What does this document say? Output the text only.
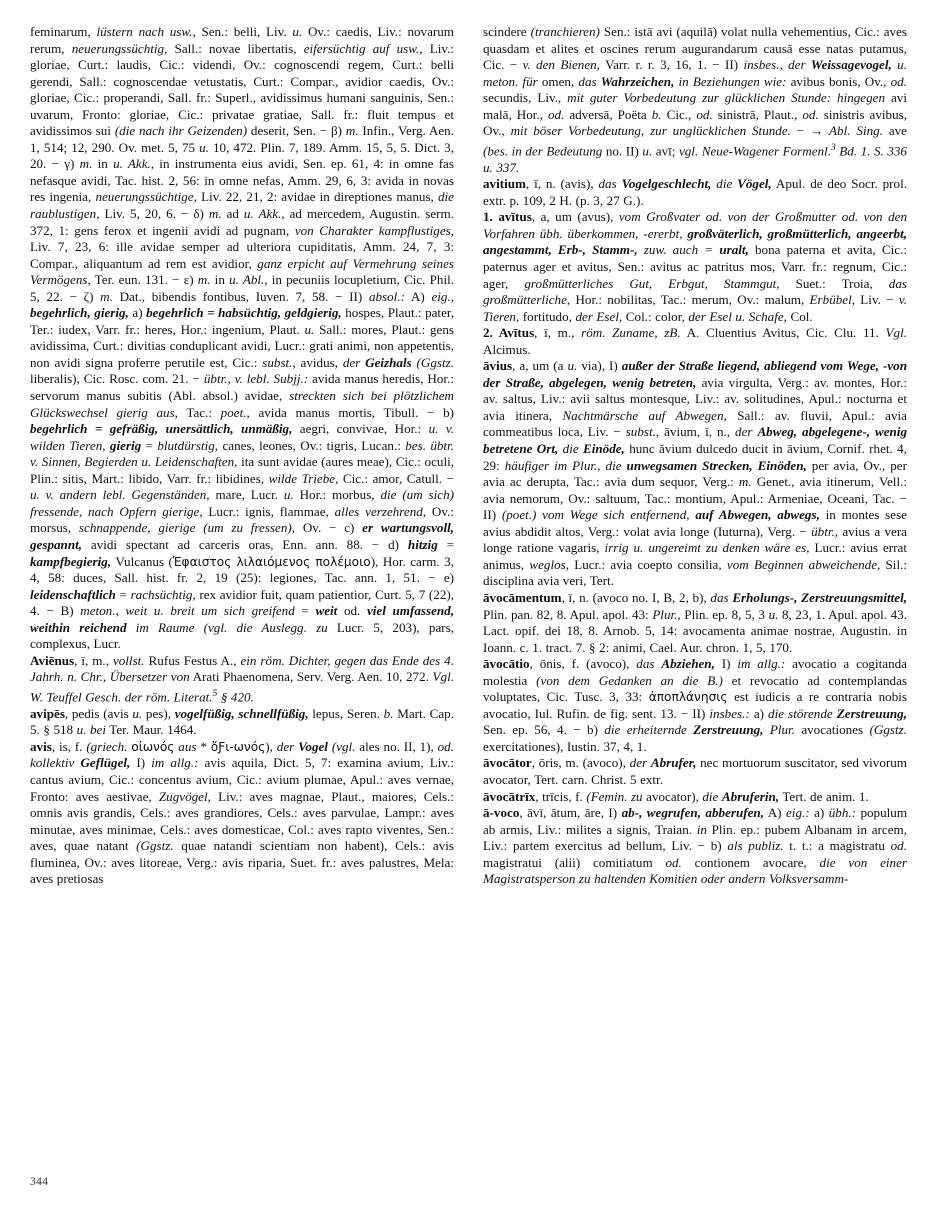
feminarum, lüstern nach usw., Sen.: belli, Liv. u. Ov.: caedis, Liv.: novarum rerum, neuerungssüchtig, Sall.: novae libertatis, eifersüchtig auf usw., Liv.: gloriae, Curt.: laudis, Cic.: videndi, Ov.: cognoscendi regem, Curt.: belli gerendi, Sall.: cognoscendae vetustatis, Curt.: Compar., avidior caedis, Ov.: gloriae, Cic.: properandi, Sall. fr.: Superl., avidissimus humani sanguinis, Sen.: uvarum, Fronto: gloriae, Cic.: privatae gratiae, Sall. fr.: fluit tempus et avidissimos sui (die nach ihr Geizenden) deserit, Sen. − β) m. Infin., Verg. Aen. 1, 514; 12, 290. Ov. met. 5, 75 u. 10, 472. Plin. 7, 189. Amm. 15, 5, 5. Dict. 3, 20. − γ) m. in u. Akk., in instrumenta eius avidi, Sen. ep. 61, 4: in omne fas nefasque avidi, Tac. hist. 2, 56: in omne nefas, Amm. 29, 6, 3: avida in novas res ingenia, neuerungssüchtige, Liv. 22, 21, 2: avidae in direptiones manus, die raublustigen, Liv. 5, 20, 6. − δ) m. ad u. Akk., ad mercedem, Augustin. serm. 372, 1: gens ferox et ingenii avidi ad pugnam, von Charakter kampflustiges, Liv. 7, 23, 6: ille avidae semper ad ulteriora cupiditatis, Amm. 24, 7, 3: Compar., aliquantum ad rem est avidior, ganz erpicht auf Vermehrung seines Vermögens, Ter. eun. 131. − ε) m. in u. Abl., in pecuniis locupletium, Cic. Phil. 5, 22. − ζ) m. Dat., bibendis fontibus, Iuven. 7, 58. − II) absol.: A) eig., begehrlich, gierig, a) begehrlich = habsüchtig, geldgierig, hospes, Plaut.: pater, Ter.: iudex, Varr. fr.: heres, Hor.: ingenium, Plaut. u. Sall.: mores, Plaut.: gens avidissima, Curt.: divitias conduplicant avidi, Lucr.: grati animi, non appetentis, non avidi signa proferre perutile est, Cic.: subst., avidus, der Geizhals (Ggstz. liberalis), Cic. Rosc. com. 21. − übtr., v. lebl. Subjj.: avida manus heredis, Hor.: servorum manus subitis (Abl. absol.) avidae, streckten sich bei plötzlichem Glückswechsel gierig aus, Tac.: poet., avida manus mortis, Tibull. − b) begehrlich = gefräßig, unersättlich, unmäßig, aegri, convivae, Hor.: u. v. wilden Tieren, gierig = blutdürstig, canes, leones, Ov.: tigris, Lucan.: bes. übtr. v. Sinnen, Begierden u. Leidenschaften, ita sunt avidae (aures meae), Cic.: oculi, Plin.: sitis, Mart.: libido, Varr. fr.: libidines, wilde Triebe, Cic.: amor, Catull. − u. v. andern lebl. Gegenständen, mare, Lucr. u. Hor.: morbus, die (um sich) fressende, nach Opfern gierige, Lucr.: ignis, flammae, alles verzehrend, Ov.: morsus, schnappende, gierige (um zu fressen), Ov. − c) er wartungsvoll, gespannt, avidi spectant ad carceris oras, Enn. ann. 88. − d) hitzig = kampfbegierig, Vulcanus (Ἑφαιστος λιλαιόμενος πολέμοιο), Hor. carm. 3, 4, 58: duces, Sall. hist. fr. 2, 19 (25): legiones, Tac. ann. 1, 51. − e) leidenschaftlich = rachsüchtig, rex avidior fuit, quam patientior, Curt. 5, 7 (22), 4. − B) meton., weit u. breit um sich greifend = weit od. viel umfassend, weithin reichend im Raume (vgl. die Auslegg. zu Lucr. 5, 203), pars, complexus, Lucr.

Aviēnus, ī, m., vollst. Rufus Festus A., ein röm. Dichter, gegen das Ende des 4. Jahrh. n. Chr., Übersetzer von Arati Phaenomena, Serv. Verg. Aen. 10, 272. Vgl. W. Teuffel Gesch. der röm. Literat.$^5$ § 420.

avipēs, pedis (avis u. pes), vogelfüßig, schnellfüßig, lepus, Seren. b. Mart. Cap. 5. § 518 u. bei Ter. Maur. 1464.

avis, is, f. (griech. οἰωνός aus * ὄƑι-ωνός), der Vogel (vgl. ales no. II, 1), od. kollektiv Geflügel, I) im allg.: avis aquila, Dict. 5, 7: examina avium, Liv.: cantus avium, Cic.: concentus avium, Cic.: avium plumae, Apul.: aves vernae, Fronto: aves aestivae, Zugvögel, Liv.: aves magnae, Plaut., maiores, Cels.: omnis avis grandis, Cels.: aves grandiores, Cels.: aves parvulae, Lampr.: aves minutae, aves minimae, Cels.: aves domesticae, Col.: aves rapto viventes, Sen.: aves, quae natant (Ggstz. quae natandi scientiam non habent), Cels.: avis fluminea, Ov.: aves litoreae, Verg.: avis riparia, Suet. fr.: aves palustres, Mela: aves pretiosas

scindere (tranchieren) Sen.: istā avi (aquilā) volat nulla vehementius, Cic.: aves quasdam et alites et oscines rerum augurandarum causā esse natas putamus, Cic. − v. den Bienen, Varr. r. r. 3, 16, 1. − II) insbes., der Weissagevogel, u. meton. für omen, das Wahrzeichen, in Beziehungen wie: avibus bonis, Ov., od. secundis, Liv., mit guter Vorbedeutung zur glücklichen Stunde: hingegen avi malā, Hor., od. adversā, Poëta b. Cic., od. sinistrā, Plaut., od. sinistris avibus, Ov., mit böser Vorbedeutung, zur unglücklichen Stunde. − → Abl. Sing. ave (bes. in der Bedeutung no. II) u. avī; vgl. Neue-Wagener Formenl.$^3$ Bd. 1. S. 336 u. 337.

avitium, ī, n. (avis), das Vogelgeschlecht, die Vögel, Apul. de deo Socr. prol. extr. p. 109, 2 H. (p. 3, 27 G.).

1. avītus, a, um (avus), vom Großvater od. von der Großmutter od. von den Vorfahren übh. überkommen, -ererbt, großväterlich, großmütterlich, angeerbt, angestammt, Erb-, Stamm-, zuw. auch = uralt, bona paterna et avita, Cic.: paternus ager et avitus, Sen.: avitus ac patritus mos, Varr. fr.: regnum, Cic.: ager, großmütterliches Gut, Erbgut, Stammgut, Suet.: Troia, das großmütterliche, Hor.: nobilitas, Tac.: merum, Ov.: malum, Erbübel, Liv. − v. Tieren, fortitudo, der Esel, Col.: color, der Esel u. Schafe, Col.

2. Avītus, ī, m., röm. Zuname, zB. A. Cluentius Avitus, Cic. Clu. 11. Vgl. Alcimus.

āvius, a, um (a u. via), I) außer der Straße liegend, abliegend vom Wege, -von der Straße, abgelegen, wenig betreten, avia virgulta, Verg.: av. montes, Hor.: av. saltus, Liv.: avii saltus montesque, Liv.: av. solitudines, Apul.: nocturna et avia itinera, Nachtmärsche auf Abwegen, Sall.: av. fluvii, Apul.: avia commeatibus loca, Liv. − subst., āvium, ī, n., der Abweg, abgelegene-, wenig betretene Ort, die Einöde, hunc ăvium dulcedo ducit in āvium, Cornif. rhet. 4, 29: häufiger im Plur., die unwegsamen Strecken, Einöden, per avia, Ov., per avia ac derupta, Tac.: avia dum sequor, Verg.: m. Genet., avia itinerum, Vell.: avia nemorum, Ov.: saltuum, Tac.: montium, Apul.: Armeniae, Oceani, Tac. − II) (poet.) vom Wege sich entfernend, auf Abwegen, abwegs, in montes sese avius abdidit altos, Verg.: volat avia longe (Iuturna), Verg. − übtr., avius a vera longe ratione vagaris, irrig u. ungereimt zu denken wäre es, Lucr.: avius errat animus, weglos, Lucr.: avia coepto consilia, vom Beginnen abweichende, Sil.: disciplina avia veri, Tert.

āvocāmentum, ī, n. (avoco no. I, B, 2, b), das Erholungs-, Zerstreuungsmittel, Plin. pan. 82, 8. Apul. apol. 43: Plur., Plin. ep. 8, 5, 3 u. 8, 23, 1. Apul. apol. 43. Lact. opif. dei 18, 8. Arnob. 5, 14: avocamenta animae nostrae, Augustin. in Ioann. c. 1. tract. 7. § 2: animi, Cael. Aur. chron. 1, 5, 170.

āvocātio, ōnis, f. (avoco), das Abziehen, I) im allg.: avocatio a cogitanda molestia (von dem Gedanken an die B.) et revocatio ad contemplandas voluptates, Cic. Tusc. 3, 33: ἀποπλάνησις est iudicis a re contraria nobis avocatio, Iul. Rufin. de fig. sent. 13. − II) insbes.: a) die störende Zerstreuung, Sen. ep. 56, 4. − b) die erheiternde Zerstreuung, Plur. avocationes (Ggstz. exercitationes), Iustin. 37, 4, 1.

āvocātor, ōris, m. (avoco), der Abrufer, nec mortuorum suscitator, sed vivorum avocator, Tert. carn. Christ. 5 extr.

āvocātrīx, trīcis, f. (Femin. zu avocator), die Abruferin, Tert. de anim. 1.

ā-voco, āvī, ātum, āre, I) ab-, wegrufen, abberufen, A) eig.: a) übh.: populum ab armis, Liv.: milites a signis, Traian. in Plin. ep.: pubem Albanam in arcem, Liv.: partem exercitus ad bellum, Liv. − b) als publiz. t. t.: a magistratu od. magistratui (alii) comitiatum od. contionem avocare, die von einer Magistratsperson zu haltenden Komitien oder andern Volksversamm-

344
